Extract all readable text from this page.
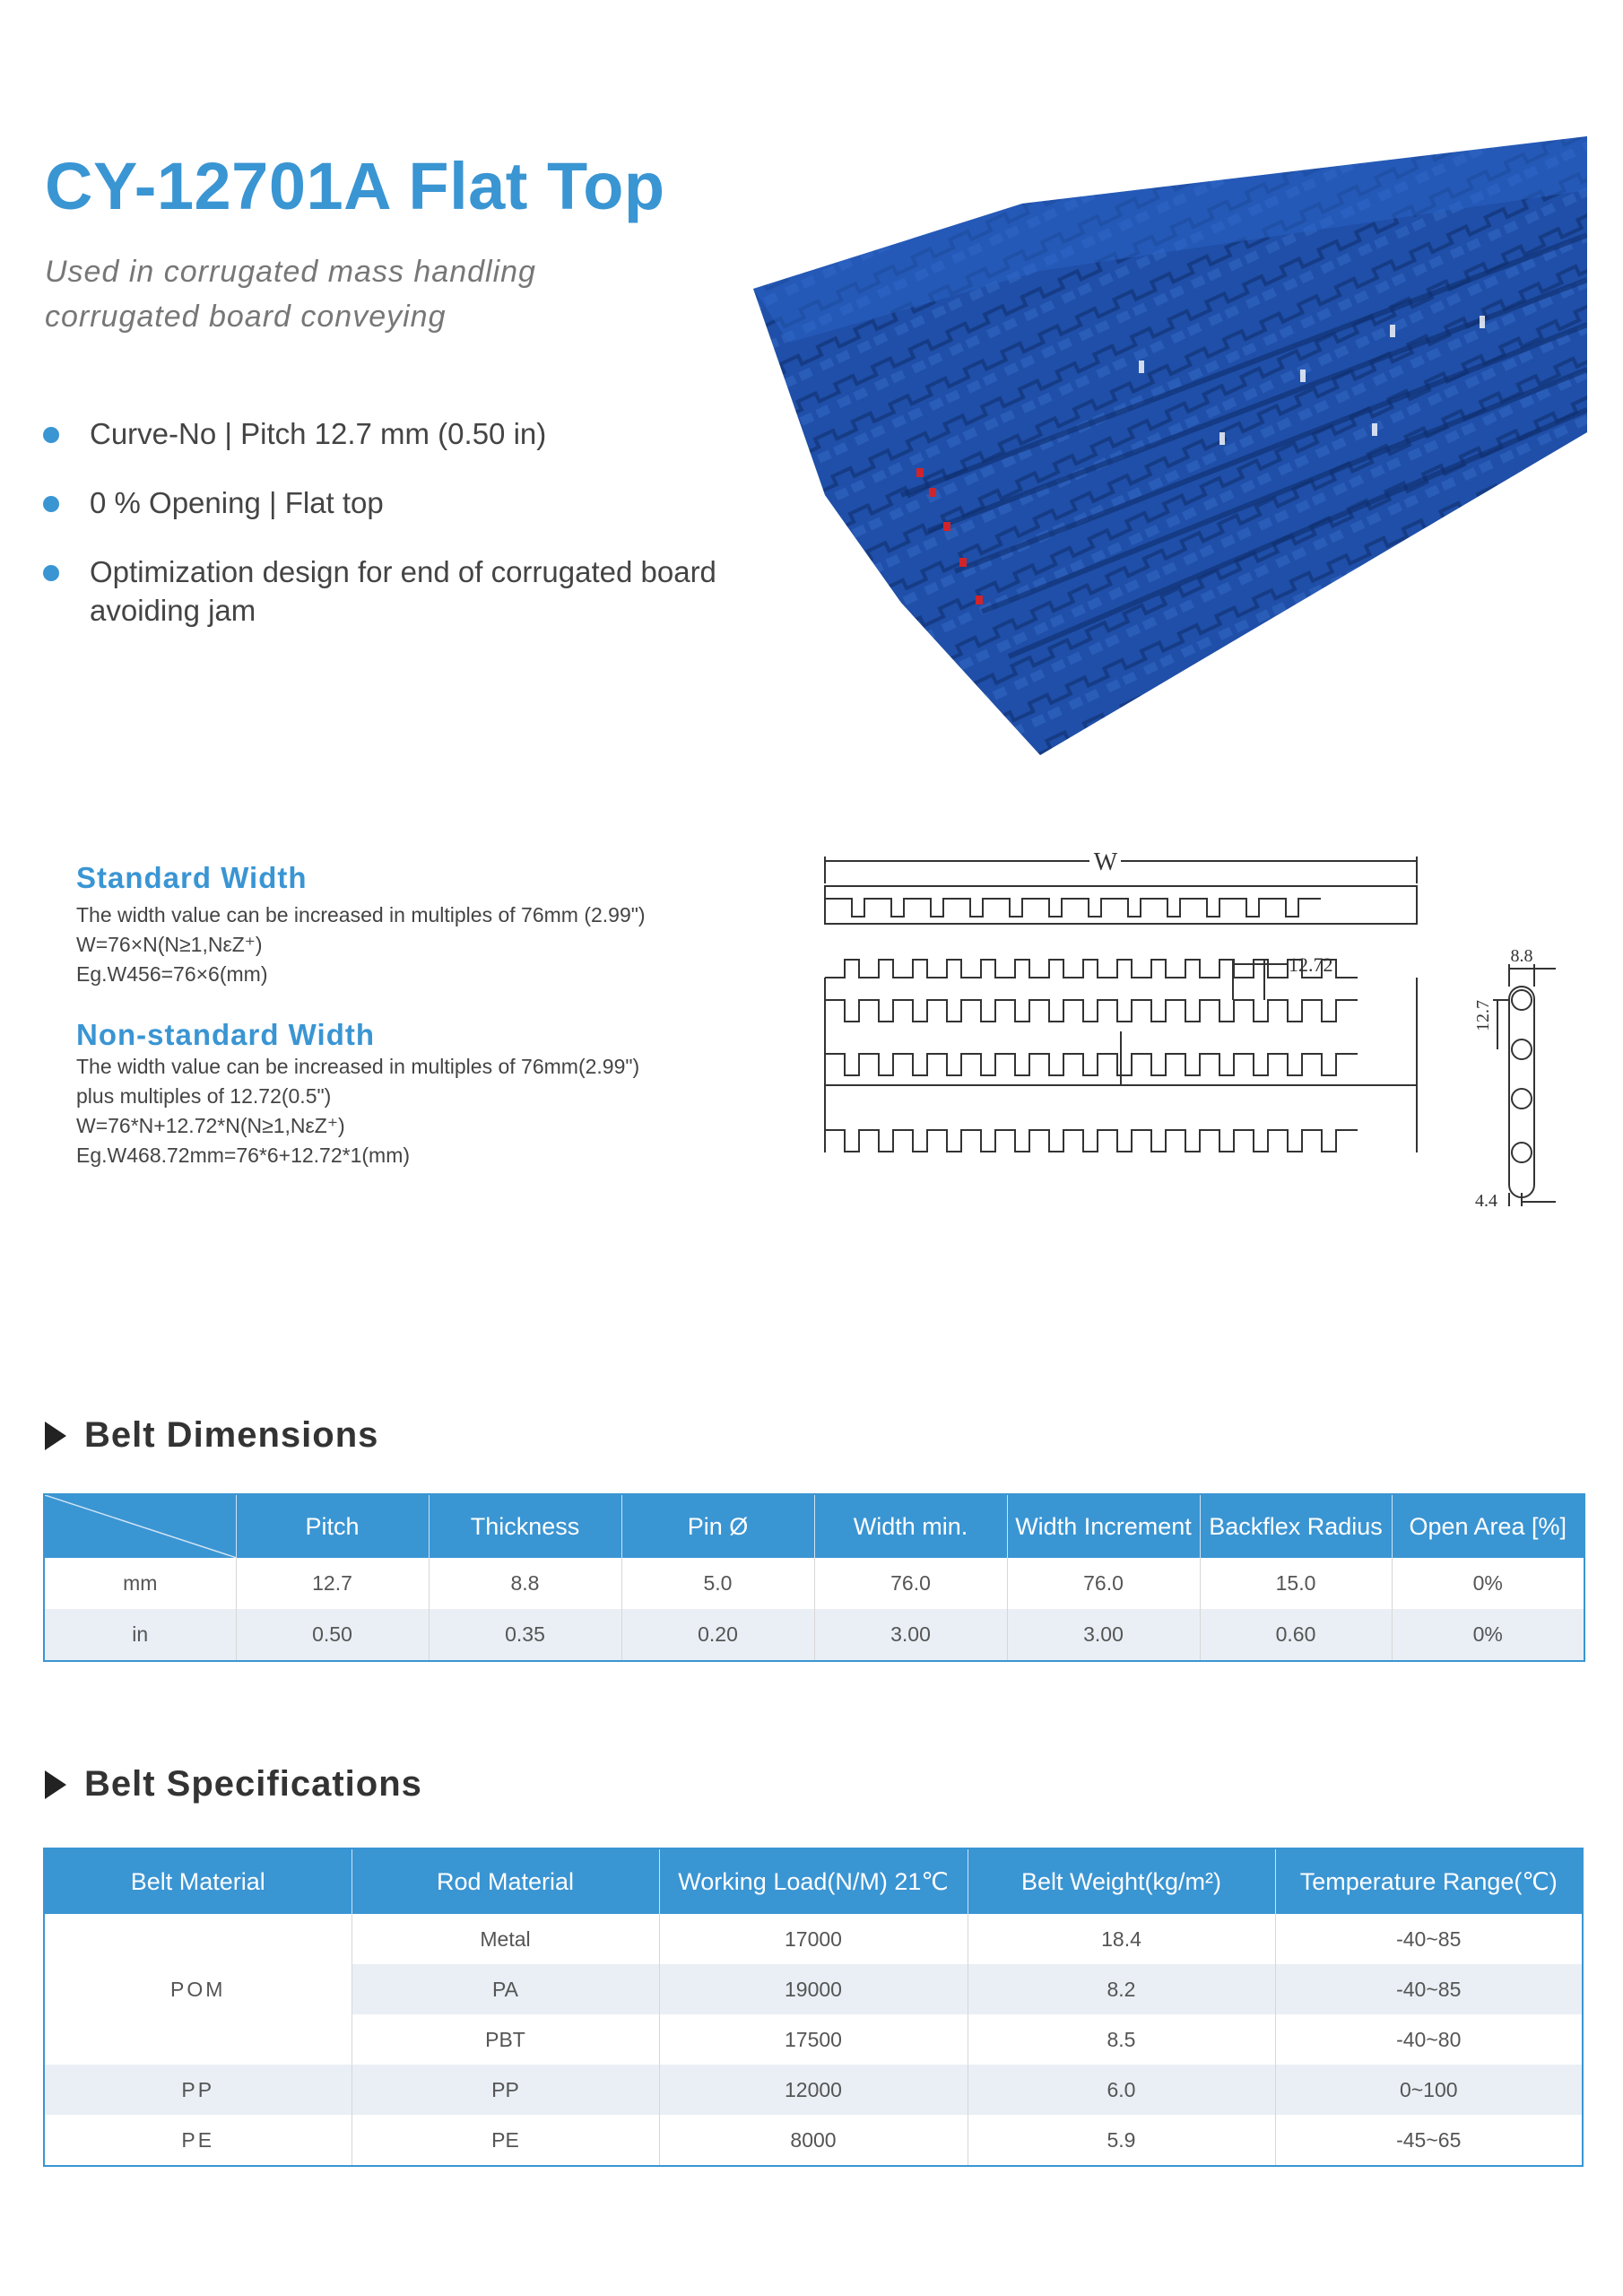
CY-12701A Flat Top
Used in corrugated mass handling
corrugated board conveying
Curve-No | Pitch 12.7 mm (0.50 in)
0 % Opening | Flat top
Optimization design for end of corrugated board avoiding jam
Standard Width
The width value can be increased in multiples of 76mm (2.99")
W=76×N(N≥1,NεZ⁺)
Eg.W456=76×6(mm)
Non-standard Width
The width value can be increased in multiples of 76mm(2.99")
plus multiples of 12.72(0.5")
W=76*N+12.72*N(N≥1,NεZ⁺)
Eg.W468.72mm=76*6+12.72*1(mm)
W
12.72	8.8
12.7
4.4
Belt Dimensions
	Pitch	Thickness	Pin Ø	Width min.	Width Increment	Backflex Radius	Open Area [%]
mm	12.7	8.8	5.0	76.0	76.0	15.0	0%
in	0.50	0.35	0.20	3.00	3.00	0.60	0%
Belt Specifications
Belt Material	Rod Material	Working Load(N/M) 21℃	Belt Weight(kg/m²)	Temperature Range(℃)
POM	Metal	17000	18.4	-40~85
	PA	19000	8.2	-40~85
	PBT	17500	8.5	-40~80
PP	PP	12000	6.0	0~100
PE	PE	8000	5.9	-45~65
